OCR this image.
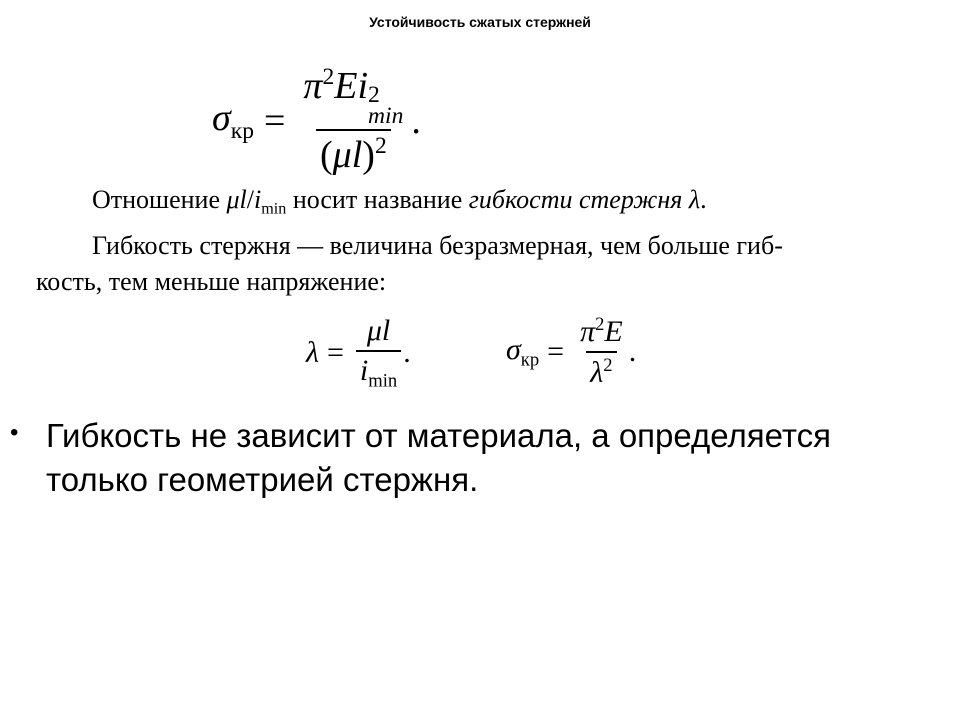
Устойчивость сжатых стержней
$\sigma_{кр} = \pi^2Ei$ 2
min
$(\mu l)^2$ .
Отношение $\mu l/i_{min}$ носит название гибкости стержня λ.
Гибкость стержня — величина безразмерная, чем больше гиб-
кость, тем меньше напряжение:
$\lambda = \frac{\mu l}{i_{min}}$ .	$\sigma_{кр} = \frac{\pi^2E}{\lambda^2}$ .
• Гибкость не зависит от материала, а определяется только геометрией стержня.
